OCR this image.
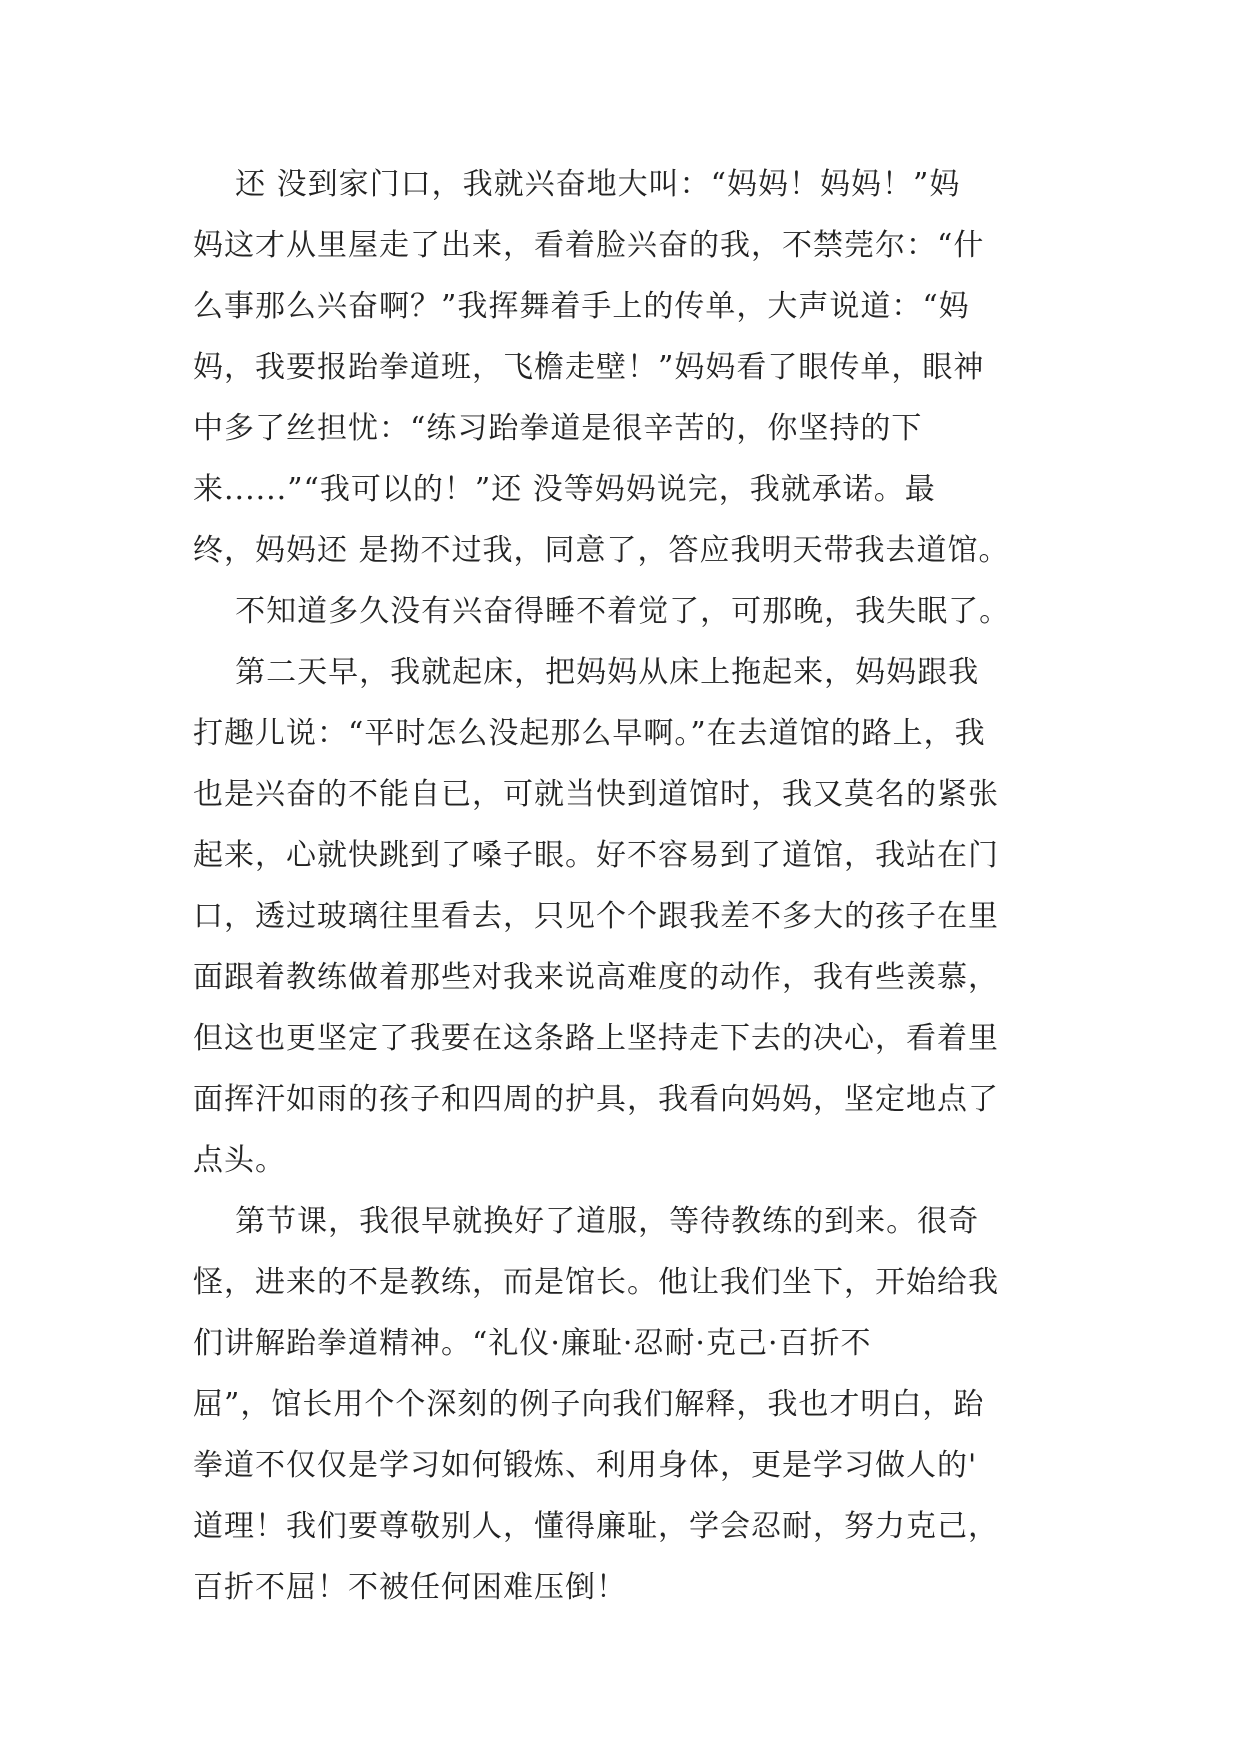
还 没到家门口，我就兴奋地大叫：“妈妈！妈妈！”妈
妈这才从里屋走了出来，看着脸兴奋的我，不禁莞尔：“什
么事那么兴奋啊？”我挥舞着手上的传单，大声说道：“妈
妈，我要报跆拳道班，飞檐走壁！”妈妈看了眼传单，眼神
中多了丝担忧：“练习跆拳道是很辛苦的，你坚持的下
来......”“我可以的！”还 没等妈妈说完，我就承诺。最
终，妈妈还 是拗不过我，同意了，答应我明天带我去道馆。
不知道多久没有兴奋得睡不着觉了，可那晚，我失眠了。
第二天早，我就起床，把妈妈从床上拖起来，妈妈跟我
打趣儿说：“平时怎么没起那么早啊。”在去道馆的路上，我
也是兴奋的不能自已，可就当快到道馆时，我又莫名的紧张
起来，心就快跳到了嗓子眼。好不容易到了道馆，我站在门
口，透过玻璃往里看去，只见个个跟我差不多大的孩子在里
面跟着教练做着那些对我来说高难度的动作，我有些羡慕，
但这也更坚定了我要在这条路上坚持走下去的决心，看着里
面挥汗如雨的孩子和四周的护具，我看向妈妈，坚定地点了
点头。
第节课，我很早就换好了道服，等待教练的到来。很奇
怪，进来的不是教练，而是馆长。他让我们坐下，开始给我
们讲解跆拳道精神。“礼仪·廉耻·忍耐·克己·百折不
屈”，馆长用个个深刻的例子向我们解释，我也才明白，跆
拳道不仅仅是学习如何锻炼、利用身体，更是学习做人的'
道理！我们要尊敬别人，懂得廉耻，学会忍耐，努力克己，
百折不屈！不被任何困难压倒！
